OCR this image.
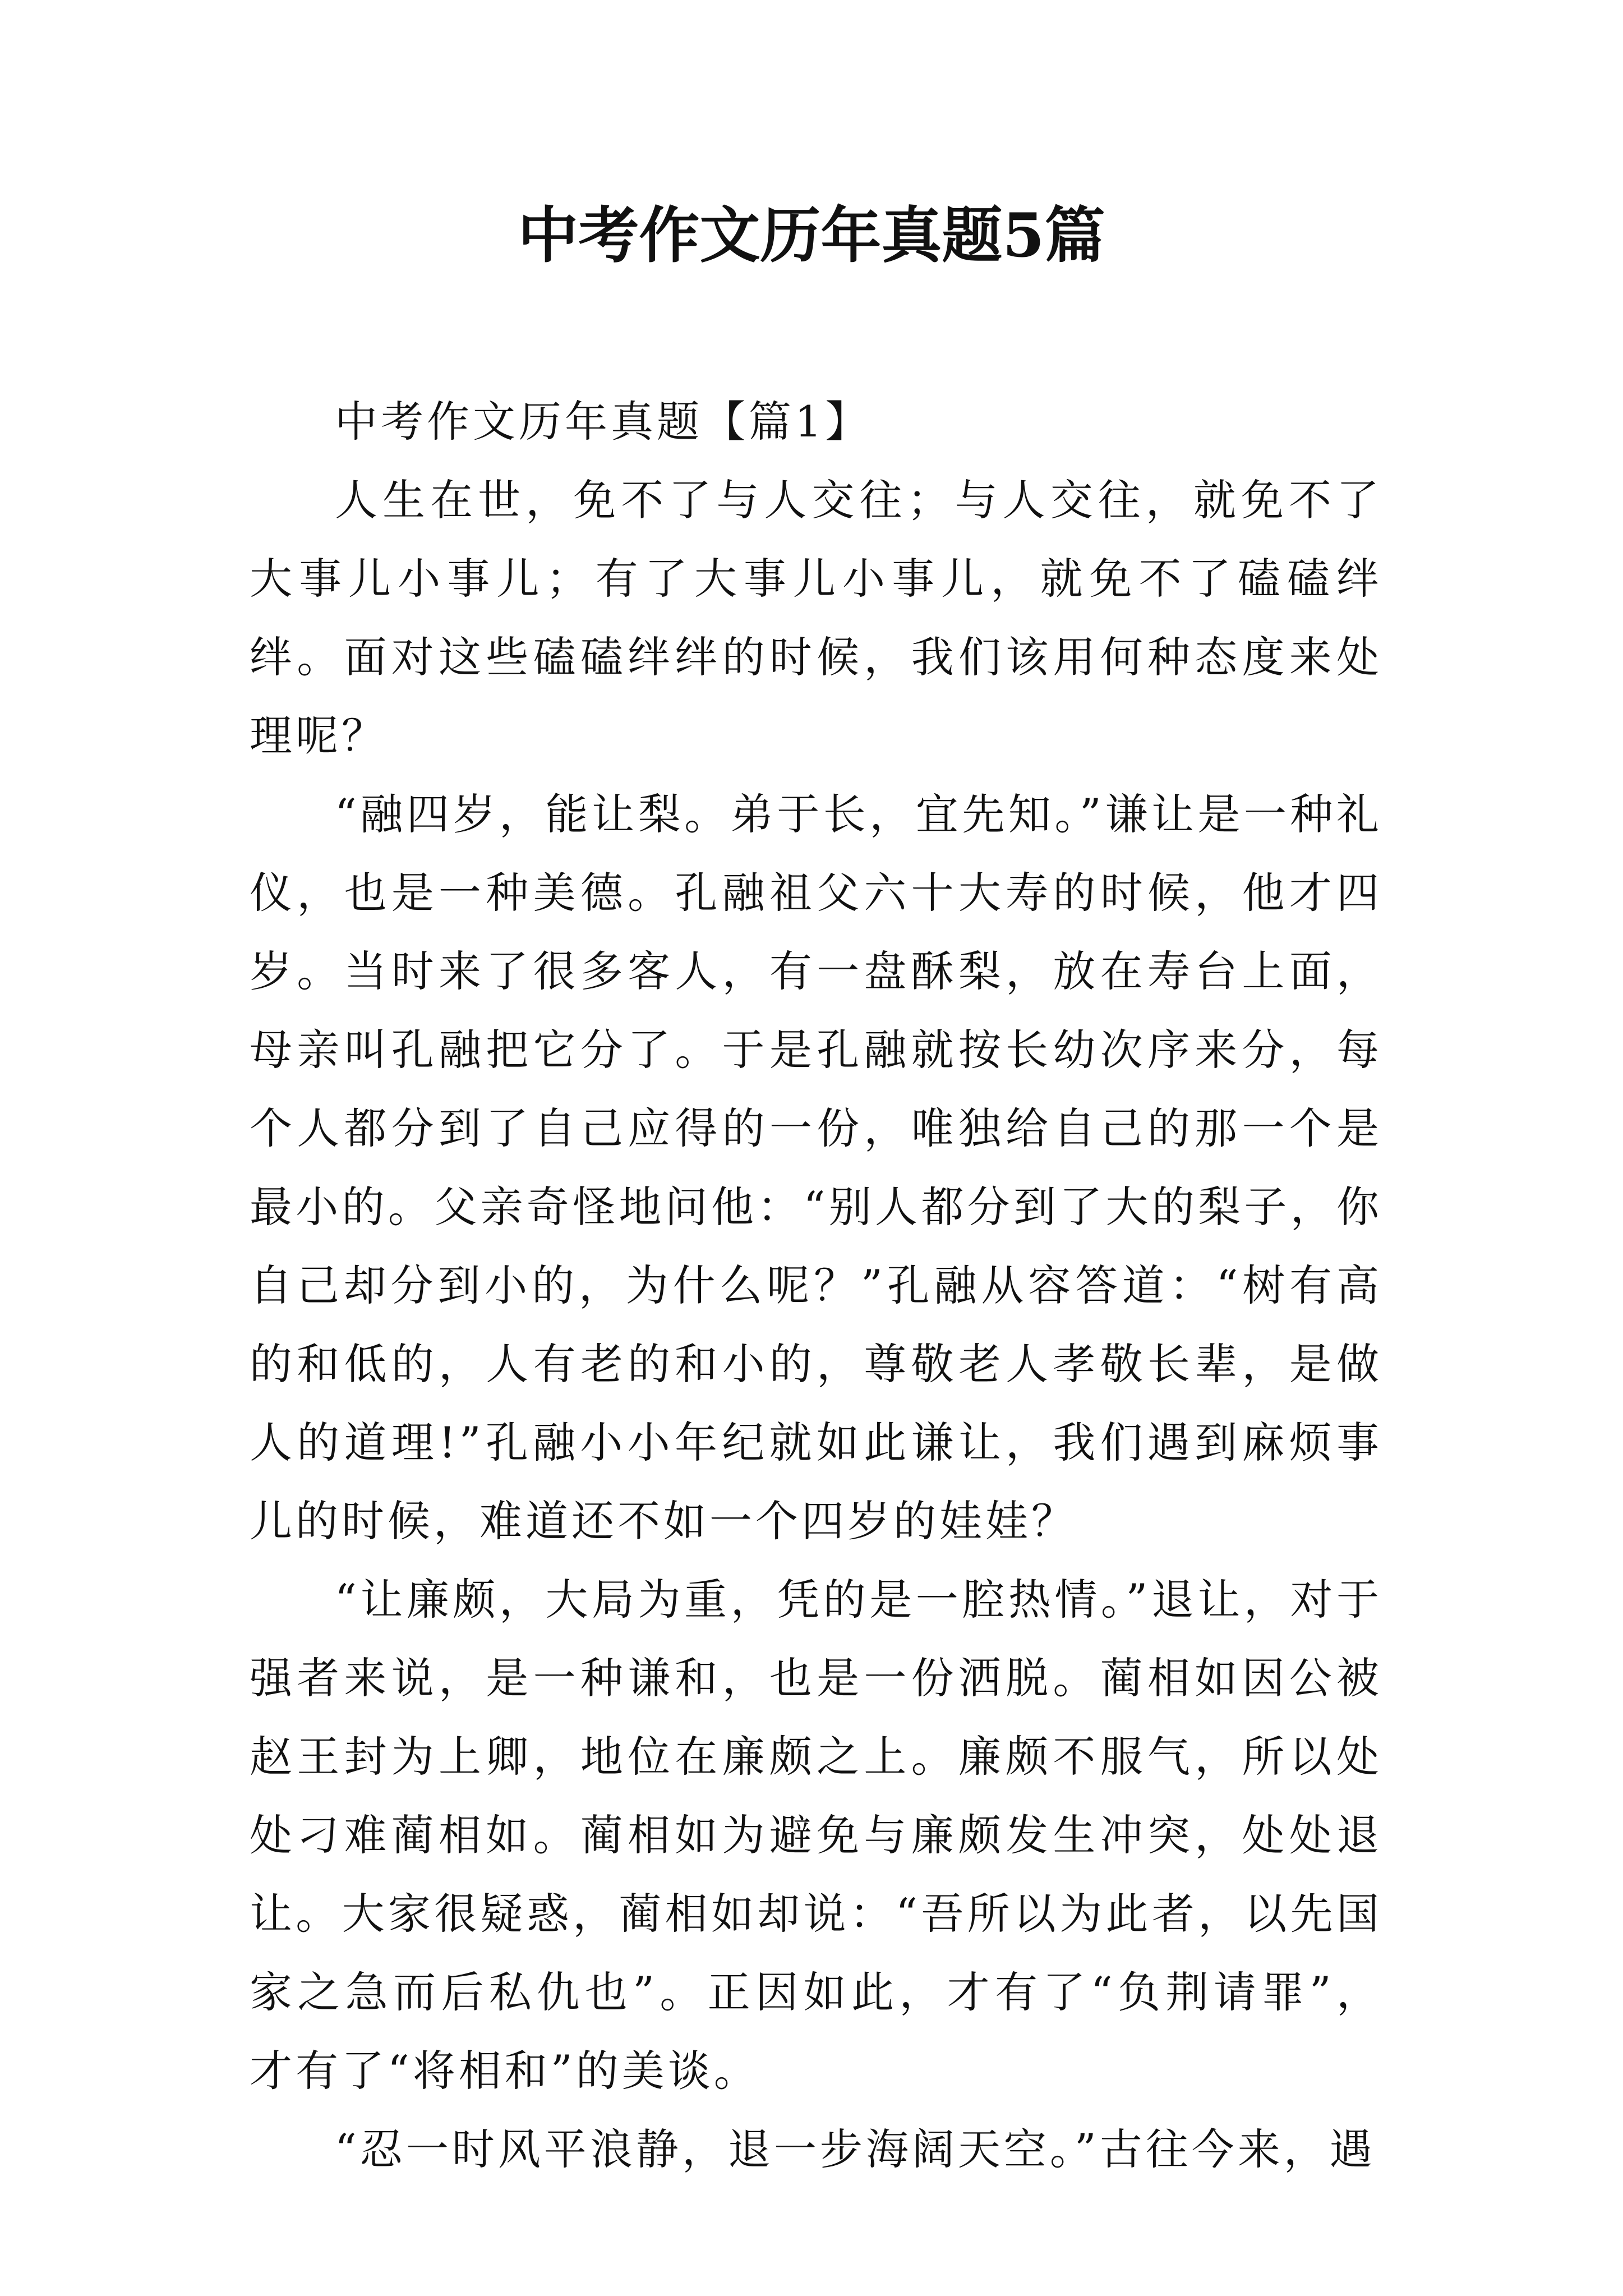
中考作文历年真题5篇

中考作文历年真题【篇1】

人生在世，免不了与人交往；与人交往，就免不了大事儿小事儿；有了大事儿小事儿，就免不了磕磕绊绊。面对这些磕磕绊绊的时候，我们该用何种态度来处理呢？

“融四岁，能让梨。弟于长，宜先知。”谦让是一种礼仪，也是一种美德。孔融祖父六十大寿的时候，他才四岁。当时来了很多客人，有一盘酥梨，放在寿台上面，母亲叫孔融把它分了。于是孔融就按长幼次序来分，每个人都分到了自己应得的一份，唯独给自己的那一个是最小的。父亲奇怪地问他：“别人都分到了大的梨子，你自己却分到小的，为什么呢？”孔融从容答道：“树有高的和低的，人有老的和小的，尊敬老人孝敬长辈，是做人的道理!”孔融小小年纪就如此谦让，我们遇到麻烦事儿的时候，难道还不如一个四岁的娃娃？

“让廉颇，大局为重，凭的是一腔热情。”退让，对于强者来说，是一种谦和，也是一份洒脱。蔺相如因公被赵王封为上卿，地位在廉颇之上。廉颇不服气，所以处处刁难蔺相如。蔺相如为避免与廉颇发生冲突，处处退让。大家很疑惑，蔺相如却说：“吾所以为此者，以先国家之急而后私仇也”。正因如此，才有了“负荆请罪”，才有了“将相和”的美谈。

“忍一时风平浪静，退一步海阔天空。”古往今来，遇
